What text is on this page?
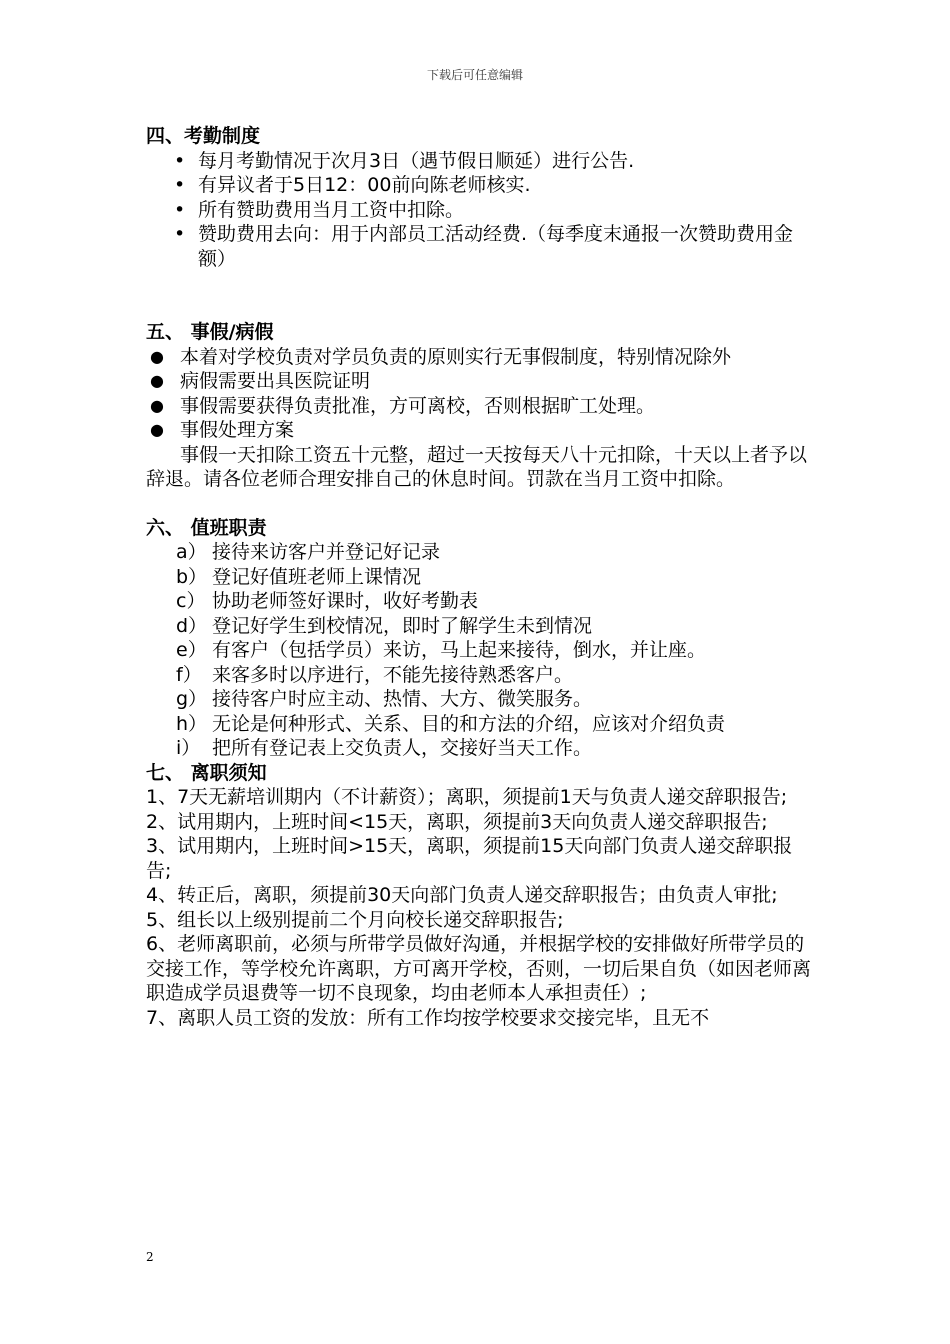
下载后可任意编辑
四、考勤制度
• 每月考勤情况于次月3日（遇节假日顺延）进行公告.
• 有异议者于5日12：00前向陈老师核实.
• 所有赞助费用当月工资中扣除。
• 赞助费用去向：用于内部员工活动经费.（每季度末通报一次赞助费用金额）
五、 事假/病假
● 本着对学校负责对学员负责的原则实行无事假制度，特别情况除外
● 病假需要出具医院证明
● 事假需要获得负责批准，方可离校，否则根据旷工处理。
● 事假处理方案

事假一天扣除工资五十元整，超过一天按每天八十元扣除，十天以上者予以辞退。请各位老师合理安排自己的休息时间。罚款在当月工资中扣除。

六、 值班职责
a） 接待来访客户并登记好记录
b） 登记好值班老师上课情况
c） 协助老师签好课时，收好考勤表
d） 登记好学生到校情况，即时了解学生未到情况
e） 有客户（包括学员）来访，马上起来接待，倒水，并让座。
f） 来客多时以序进行，不能先接待熟悉客户。
g） 接待客户时应主动、热情、大方、微笑服务。
h） 无论是何种形式、关系、目的和方法的介绍，应该对介绍负责
i） 把所有登记表上交负责人，交接好当天工作。
七、 离职须知

1、7天无薪培训期内（不计薪资）；离职，须提前1天与负责人递交辞职报告;

2、试用期内，上班时间<15天，离职，须提前3天向负责人递交辞职报告;

3、试用期内，上班时间>15天，离职，须提前15天向部门负责人递交辞职报告;

4、转正后，离职，须提前30天向部门负责人递交辞职报告；由负责人审批;

5、组长以上级别提前二个月向校长递交辞职报告;

6、老师离职前，必须与所带学员做好沟通，并根据学校的安排做好所带学员的交接工作，等学校允许离职，方可离开学校，否则，一切后果自负（如因老师离职造成学员退费等一切不良现象，均由老师本人承担责任）;

7、离职人员工资的发放：所有工作均按学校要求交接完毕，且无不

2
